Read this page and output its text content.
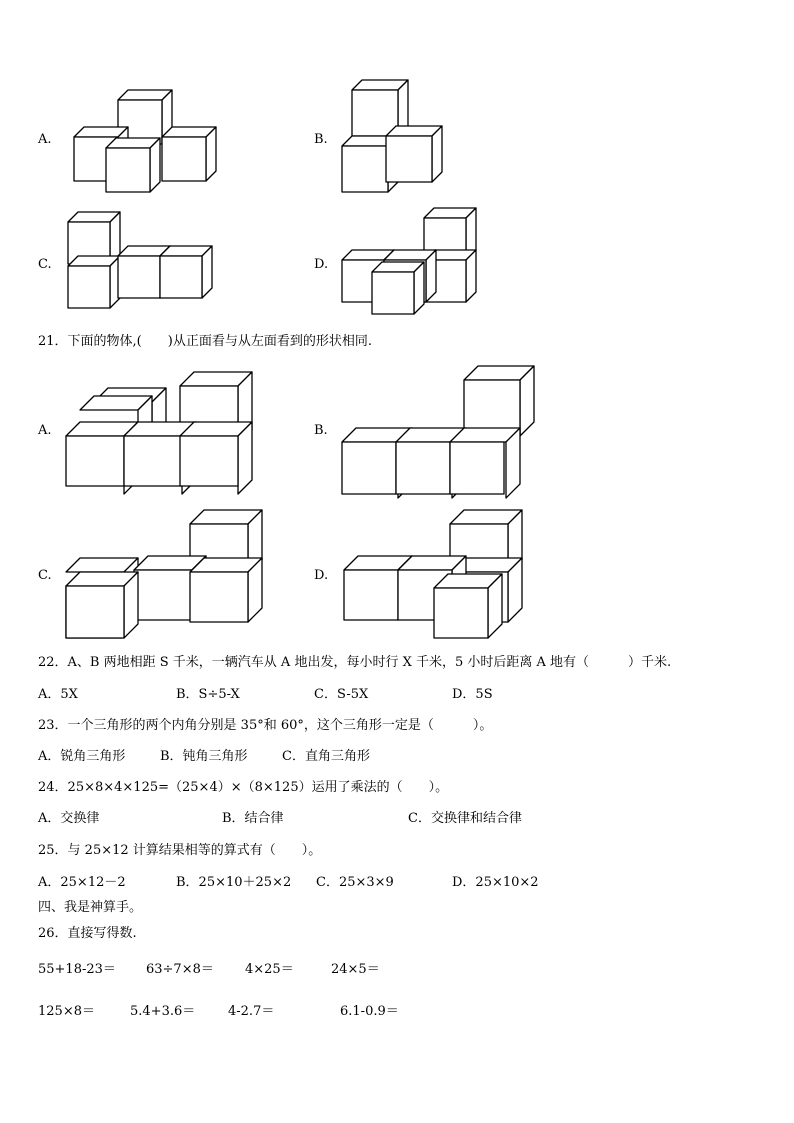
A.	B.
C.	D.
21．下面的物体,(　　)从正面看与从左面看到的形状相同.
A.	B.
C.	D.
22．A、B 两地相距 S 千米，一辆汽车从 A 地出发，每小时行 X 千米，5 小时后距离 A 地有（　　　）千米.
A．5X	B．S÷5-X	C．S-5X	D．5S
23．一个三角形的两个内角分别是 35°和 60°，这个三角形一定是（　　　）。
A．锐角三角形	B．钝角三角形	C．直角三角形
24．25×8×4×125=（25×4）×（8×125）运用了乘法的（　　）。
A．交换律	B．结合律	C．交换律和结合律
25．与 25×12 计算结果相等的算式有（　　）。
A．25×12－2	B．25×10＋25×2 C．25×3×9	D．25×10×2
四、我是神算手。
26．直接写得数.
55+18-23＝ 63÷7×8＝ 4×25＝	24×5＝
125×8＝	5.4+3.6＝	4-2.7＝	6.1-0.9＝
